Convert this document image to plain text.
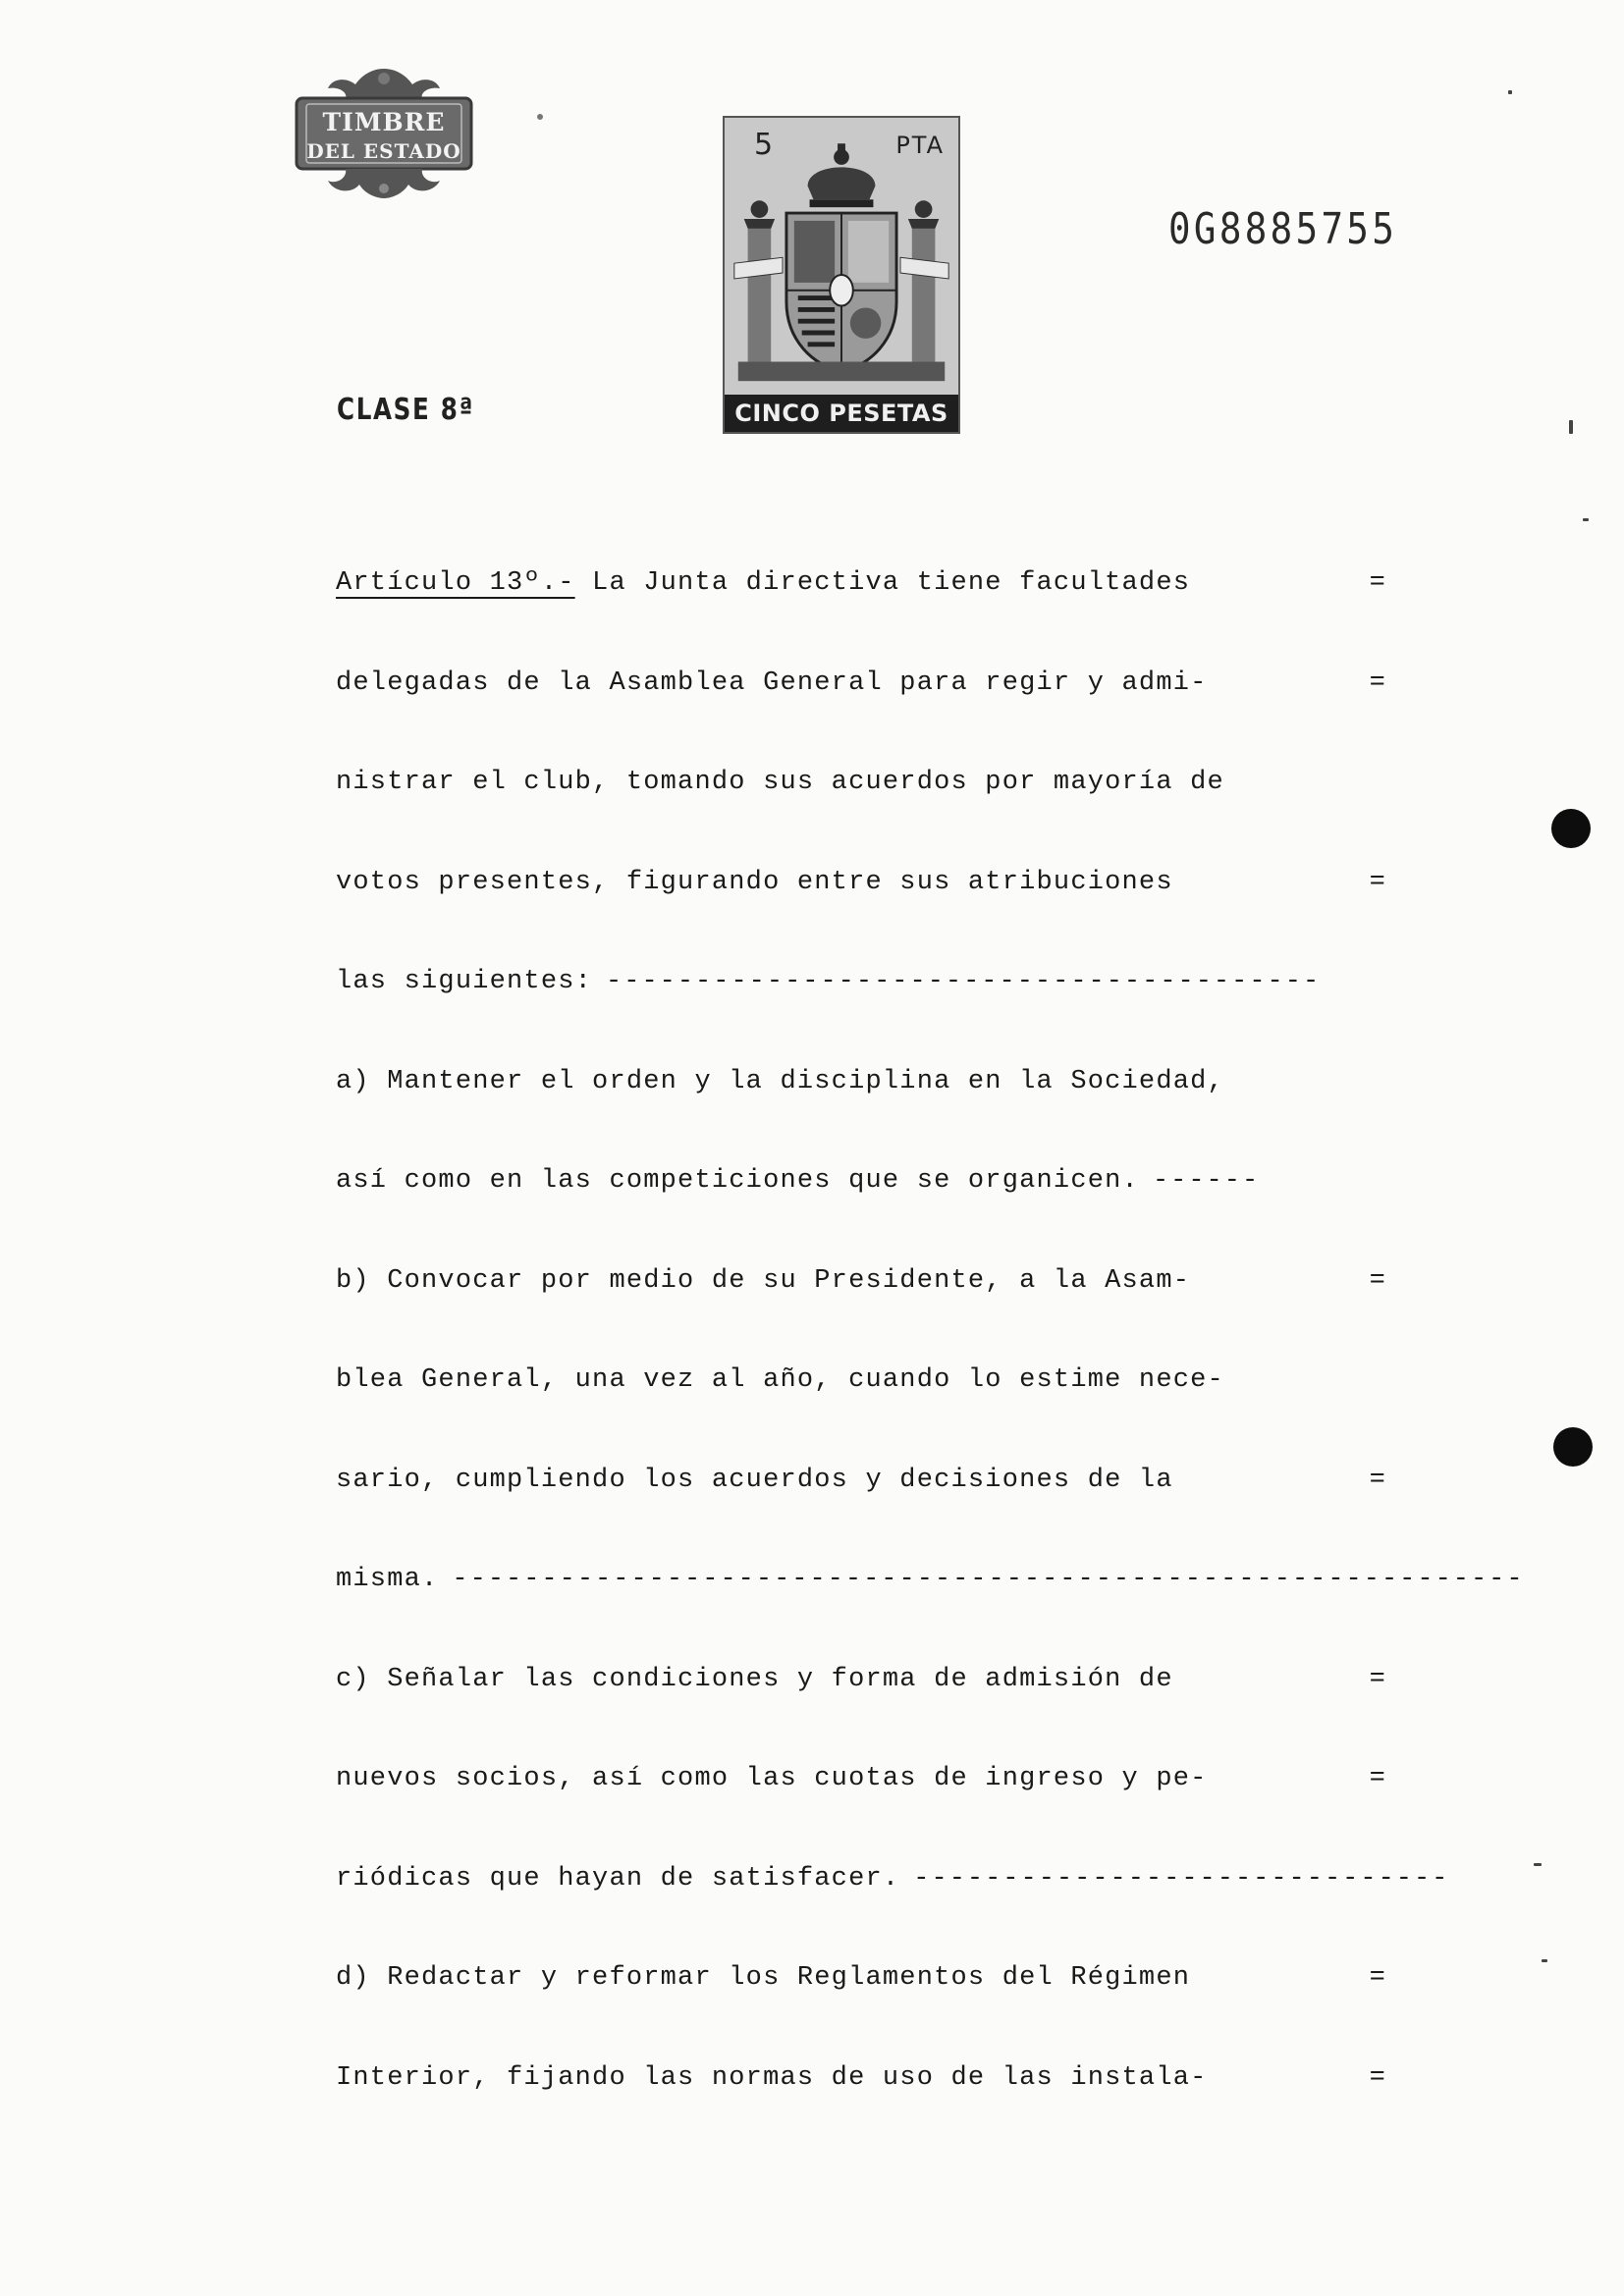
TIMBRE
DEL ESTADO	5	PTA
CINCO PESETAS
0G8885755
CLASE 8ª
Artículo 13º.- La Junta directiva tiene facultades	=
delegadas de la Asamblea General para regir y admi-	=
nistrar el club, tomando sus acuerdos por mayoría de
votos presentes, figurando entre sus atribuciones	=
las siguientes: ----------------------------------------
a) Mantener el orden y la disciplina en la Sociedad,
así como en las competiciones que se organicen. ------
b) Convocar por medio de su Presidente, a la Asam-	=
blea General, una vez al año, cuando lo estime nece-
sario, cumpliendo los acuerdos y decisiones de la	=
misma. ------------------------------------------------------------
c) Señalar las condiciones y forma de admisión de	=
nuevos socios, así como las cuotas de ingreso y pe-	=
riódicas que hayan de satisfacer. ------------------------------
d) Redactar y reformar los Reglamentos del Régimen	=
Interior, fijando las normas de uso de las instala-	=
